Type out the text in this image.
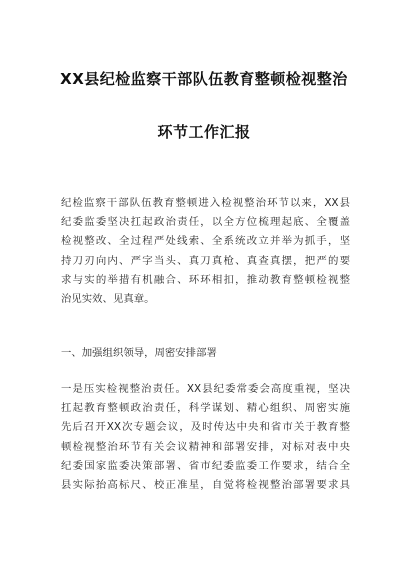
XX县纪检监察干部队伍教育整顿检视整治
环节工作汇报
纪检监察干部队伍教育整顿进入检视整治环节以来，XX县
纪委监委坚决扛起政治责任，以全方位梳理起底、全覆盖
检视整改、全过程严处线索、全系统改立并举为抓手，坚
持刀刃向内、严字当头、真刀真枪、真查真摆，把严的要
求与实的举措有机融合、环环相扣，推动教育整顿检视整
治见实效、见真章。
一、加强组织领导，周密安排部署
一是压实检视整治责任。XX县纪委常委会高度重视，坚决
扛起教育整顿政治责任，科学谋划、精心组织、周密实施
先后召开XX次专题会议，及时传达中央和省市关于教育整
顿检视整治环节有关会议精神和部署安排，对标对表中央
纪委国家监委决策部署、省市纪委监委工作要求，结合全
县实际抬高标尺、校正准星，自觉将检视整治部署要求具
